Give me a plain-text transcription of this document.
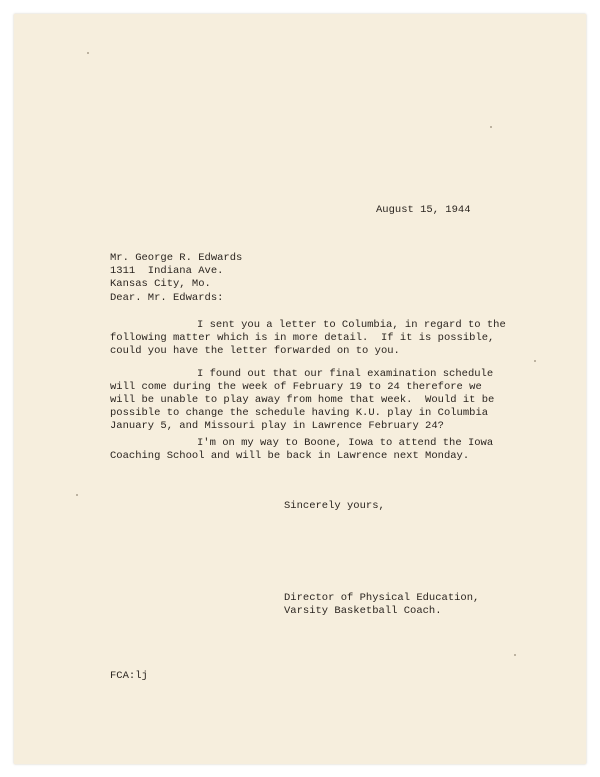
August 15, 1944

Mr. George R. Edwards

1311  Indiana Ave.

Kansas City, Mo.

Dear. Mr. Edwards:

I sent you a letter to Columbia, in regard to the

following matter which is in more detail.  If it is possible,

could you have the letter forwarded on to you.

I found out that our final examination schedule

will come during the week of February 19 to 24 therefore we

will be unable to play away from home that week.  Would it be

possible to change the schedule having K.U. play in Columbia

January 5, and Missouri play in Lawrence February 24?

I'm on my way to Boone, Iowa to attend the Iowa

Coaching School and will be back in Lawrence next Monday.

Sincerely yours,

Director of Physical Education,

Varsity Basketball Coach.

FCA:lj
